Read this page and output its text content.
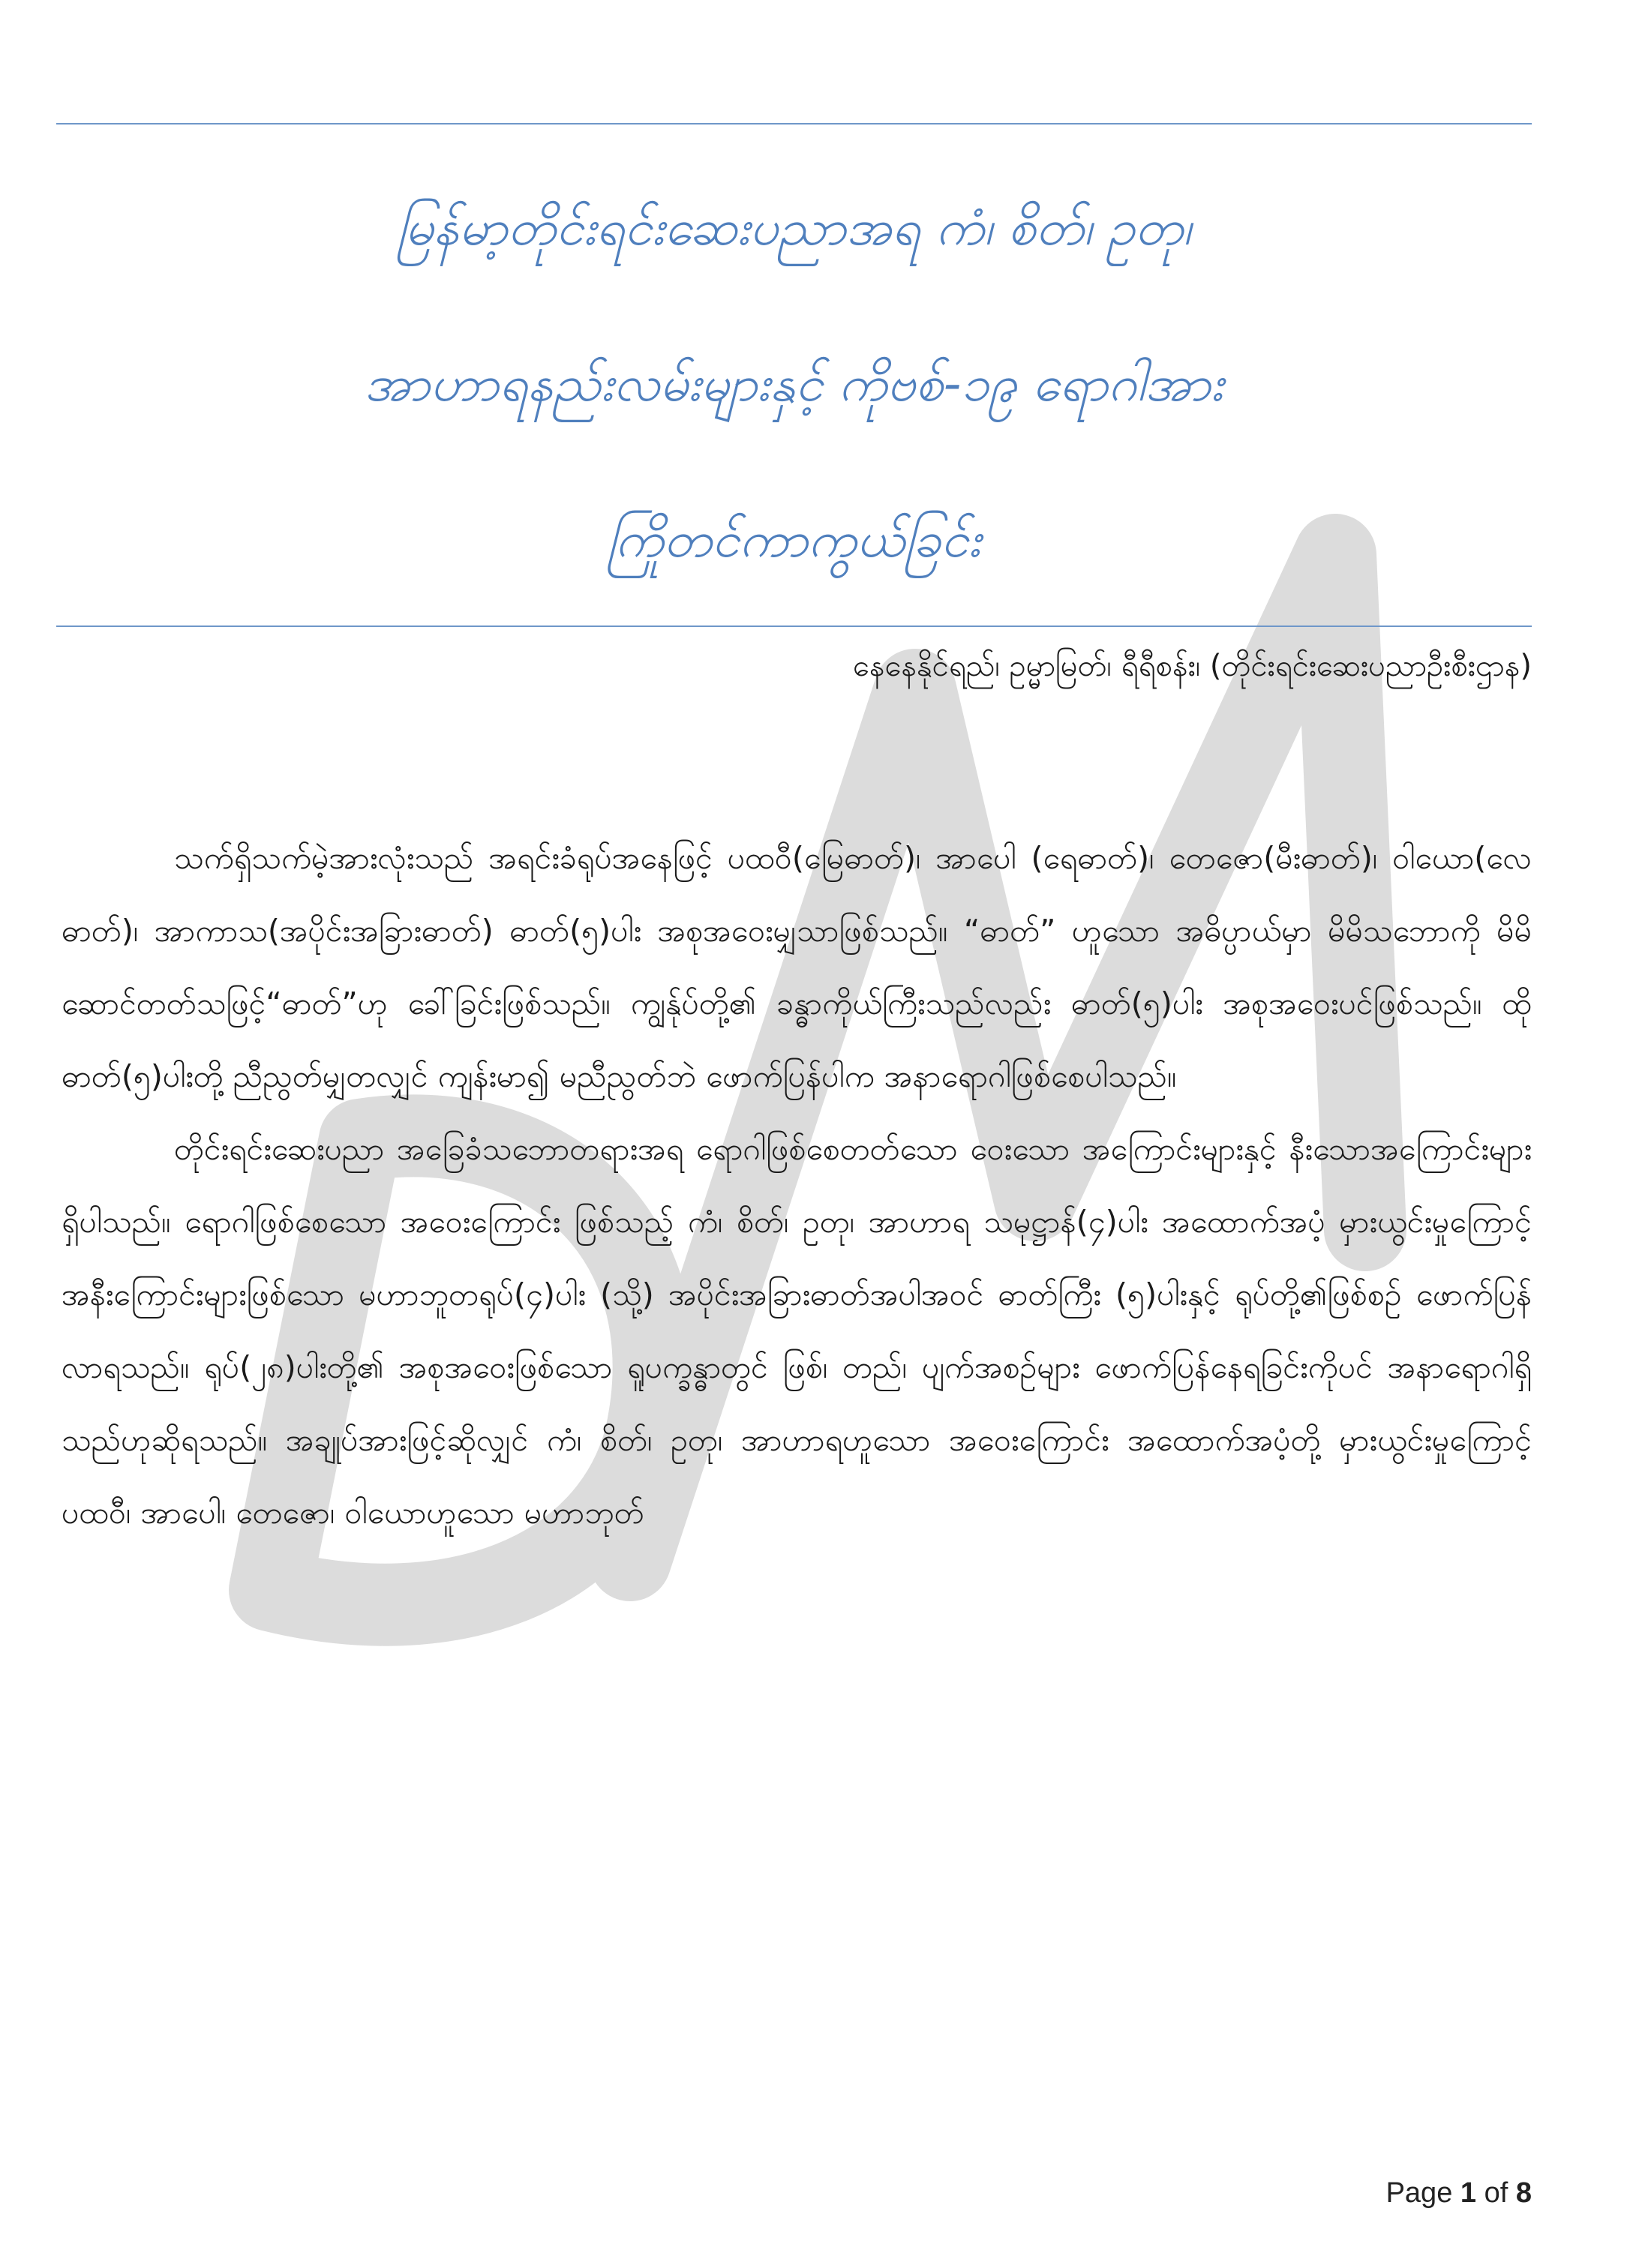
မြန်မာ့တိုင်းရင်းဆေးပညာအရ ကံ၊ စိတ်၊ ဥတု၊
အာဟာရနည်းလမ်းများနှင့် ကိုဗစ်-၁၉ ရောဂါအား
ကြိုတင်ကာကွယ်ခြင်း
နေနေနိုင်ရည်၊ ဥမ္မာမြတ်၊ ရီရီစန်း၊ (တိုင်းရင်းဆေးပညာဦးစီးဌာန)

သက်ရှိသက်မဲ့အားလုံးသည် အရင်းခံရုပ်အနေဖြင့် ပထဝီ(မြေဓာတ်)၊ အာပေါ (ရေဓာတ်)၊ တေဇော(မီးဓာတ်)၊ ဝါယော(လေဓာတ်)၊ အာကာသ(အပိုင်းအခြားဓာတ်) ဓာတ်(၅)ပါး အစုအဝေးမျှသာဖြစ်သည်။ “ဓာတ်” ဟူသော အဓိပ္ပာယ်မှာ မိမိသဘောကို မိမိဆောင်တတ်သဖြင့်“ဓာတ်”ဟု ခေါ်ခြင်းဖြစ်သည်။ ကျွန်ုပ်တို့၏ ခန္ဓာကိုယ်ကြီးသည်လည်း ဓာတ်(၅)ပါး အစုအဝေးပင်ဖြစ်သည်။ ထိုဓာတ်(၅)ပါးတို့ ညီညွတ်မျှတလျှင် ကျန်းမာ၍ မညီညွတ်ဘဲ ဖောက်ပြန်ပါက အနာရောဂါဖြစ်စေပါသည်။

တိုင်းရင်းဆေးပညာ အခြေခံသဘောတရားအရ ရောဂါဖြစ်စေတတ်သော ဝေးသော အကြောင်းများနှင့် နီးသောအကြောင်းများရှိပါသည်။ ရောဂါဖြစ်စေသော အဝေးကြောင်း ဖြစ်သည့် ကံ၊ စိတ်၊ ဥတု၊ အာဟာရ သမုဋ္ဌာန်(၄)ပါး အထောက်အပံ့ မှားယွင်းမှုကြောင့် အနီးကြောင်းများဖြစ်သော မဟာဘူတရုပ်(၄)ပါး (သို့) အပိုင်းအခြားဓာတ်အပါအဝင် ဓာတ်ကြီး (၅)ပါးနှင့် ရုပ်တို့၏ဖြစ်စဉ် ဖောက်ပြန်လာရသည်။ ရုပ်(၂၈)ပါးတို့၏ အစုအဝေးဖြစ်သော ရူပက္ခန္ဓာတွင် ဖြစ်၊ တည်၊ ပျက်အစဉ်များ ဖောက်ပြန်နေရခြင်းကိုပင် အနာရောဂါရှိသည်ဟုဆိုရသည်။ အချုပ်အားဖြင့်ဆိုလျှင် ကံ၊ စိတ်၊ ဥတု၊ အာဟာရဟူသော အဝေးကြောင်း အထောက်အပံ့တို့ မှားယွင်းမှုကြောင့် ပထဝီ၊ အာပေါ၊ တေဇော၊ ဝါယောဟူသော မဟာဘုတ်

Page 1 of 8
